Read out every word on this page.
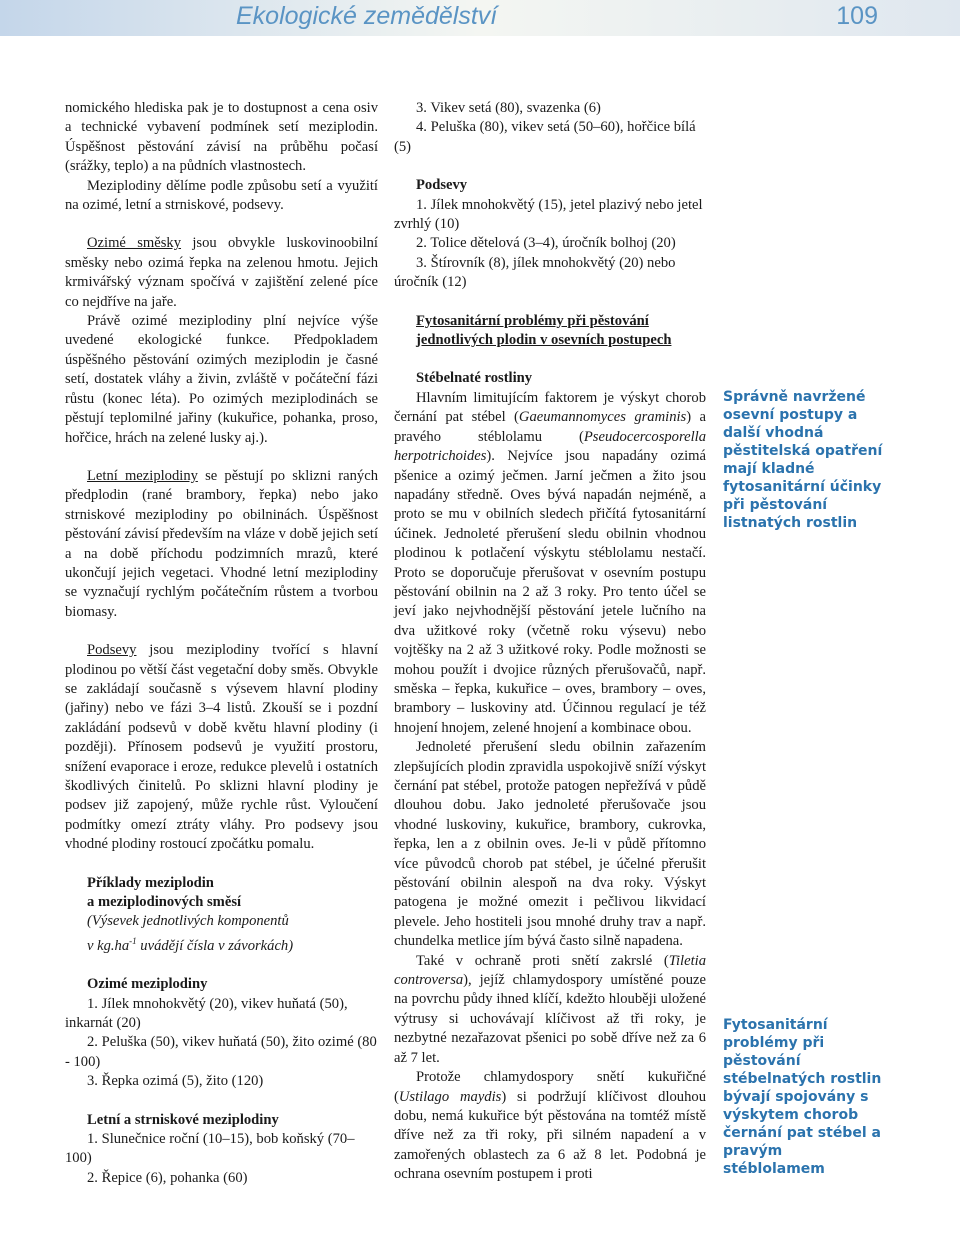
Ekologické zemědělství	109

nomického hlediska pak je to dostupnost a cena osiv a technické vybavení podmínek setí meziplodin. Úspěšnost pěstování závisí na průběhu počasí (srážky, teplo) a na půdních vlastnostech.

Meziplodiny dělíme podle způsobu setí a využití na ozimé, letní a strniskové, podsevy.

Ozimé směsky jsou obvykle luskovinoobilní směsky nebo ozimá řepka na zelenou hmotu. Jejich krmivářský význam spočívá v zajištění zelené píce co nejdříve na jaře.

Právě ozimé meziplodiny plní nejvíce výše uvedené ekologické funkce. Předpokladem úspěšného pěstování ozimých meziplodin je časné setí, dostatek vláhy a živin, zvláště v počáteční fázi růstu (konec léta). Po ozimých meziplodinách se pěstují teplomilné jařiny (kukuřice, pohanka, proso, hořčice, hrách na zelené lusky aj.).

Letní meziplodiny se pěstují po sklizni raných předplodin (rané brambory, řepka) nebo jako strniskové meziplodiny po obilninách. Úspěšnost pěstování závisí především na vláze v době jejich setí a na době příchodu podzimních mrazů, které ukončují jejich vegetaci. Vhodné letní meziplodiny se vyznačují rychlým počátečním růstem a tvorbou biomasy.

Podsevy jsou meziplodiny tvořící s hlavní plodinou po větší část vegetační doby směs. Obvykle se zakládají současně s výsevem hlavní plodiny (jařiny) nebo ve fázi 3–4 listů. Zkouší se i pozdní zakládání podsevů v době květu hlavní plodiny (i později). Přínosem podsevů je využití prostoru, snížení evaporace i eroze, redukce plevelů i ostatních škodlivých činitelů. Po sklizni hlavní plodiny je podsev již zapojený, může rychle růst. Vyloučení podmítky omezí ztráty vláhy. Pro podsevy jsou vhodné plodiny rostoucí zpočátku pomalu.

Příklady meziplodin
a meziplodinových směsí
(Výsevek jednotlivých komponentů
v $kg.ha^{-1}$ uvádějí čísla v závorkách)
Ozimé meziplodiny

1. Jílek mnohokvětý (20), vikev huňatá (50), inkarnát (20)

2. Peluška (50), vikev huňatá (50), žito ozimé (80 - 100)

3. Řepka ozimá (5), žito (120)

Letní a strniskové meziplodiny

1. Slunečnice roční (10–15), bob koňský (70–100)

2. Řepice (6), pohanka (60)

3. Vikev setá (80), svazenka (6)

4. Peluška (80), vikev setá (50–60), hořčice bílá (5)

Podsevy

1. Jílek mnohokvětý (15), jetel plazivý nebo jetel zvrhlý (10)

2. Tolice dětelová (3–4), úročník bolhoj (20)

3. Štírovník (8), jílek mnohokvětý (20) nebo úročník (12)

Fytosanitární problémy při pěstování
jednotlivých plodin v osevních postupech
Stébelnaté rostliny

Hlavním limitujícím faktorem je výskyt chorob černání pat stébel (Gaeumannomyces graminis) a pravého stéblolamu (Pseudocercosporella herpotrichoides). Nejvíce jsou napadány ozimá pšenice a ozimý ječmen. Jarní ječmen a žito jsou napadány středně. Oves bývá napadán nejméně, a proto se mu v obilních sledech přičítá fytosanitární účinek. Jednoleté přerušení sledu obilnin vhodnou plodinou k potlačení výskytu stéblolamu nestačí. Proto se doporučuje přerušovat v osevním postupu pěstování obilnin na 2 až 3 roky. Pro tento účel se jeví jako nejvhodnější pěstování jetele lučního na dva užitkové roky (včetně roku výsevu) nebo vojtěšky na 2 až 3 užitkové roky. Podle možnosti se mohou použít i dvojice různých přerušovačů, např. směska – řepka, kukuřice – oves, brambory – oves, brambory – luskoviny atd. Účinnou regulací je též hnojení hnojem, zelené hnojení a kombinace obou.

Jednoleté přerušení sledu obilnin zařazením zlepšujících plodin zpravidla uspokojivě sníží výskyt černání pat stébel, protože patogen nepřežívá v půdě dlouhou dobu. Jako jednoleté přerušovače jsou vhodné luskoviny, kukuřice, brambory, cukrovka, řepka, len a z obilnin oves. Je-li v půdě přítomno více původců chorob pat stébel, je účelné přerušit pěstování obilnin alespoň na dva roky. Výskyt patogena je možné omezit i pečlivou likvidací plevele. Jeho hostiteli jsou mnohé druhy trav a např. chundelka metlice jím bývá často silně napadena.

Také v ochraně proti snětí zakrslé (Tiletia controversa), jejíž chlamydospory umístěné pouze na povrchu půdy ihned klíčí, kdežto hlouběji uložené výtrusy si uchovávají klíčivost až tři roky, je nezbytné nezařazovat pšenici po sobě dříve než za 6 až 7 let.

Protože chlamydospory snětí kukuřičné (Ustilago maydis) si podržují klíčivost dlouhou dobu, nemá kukuřice být pěstována na tomtéž místě dříve než za tři roky, při silném napadení a v zamořených oblastech za 6 až 8 let. Podobná je ochrana osevním postupem i proti

Správně navržené osevní postupy a další vhodná pěstitelská opatření mají kladné fytosanitární účinky při pěstování listnatých rostlin
Fytosanitární problémy při pěstování stébelnatých rostlin bývají spojovány s výskytem chorob černání pat stébel a pravým stéblolamem
